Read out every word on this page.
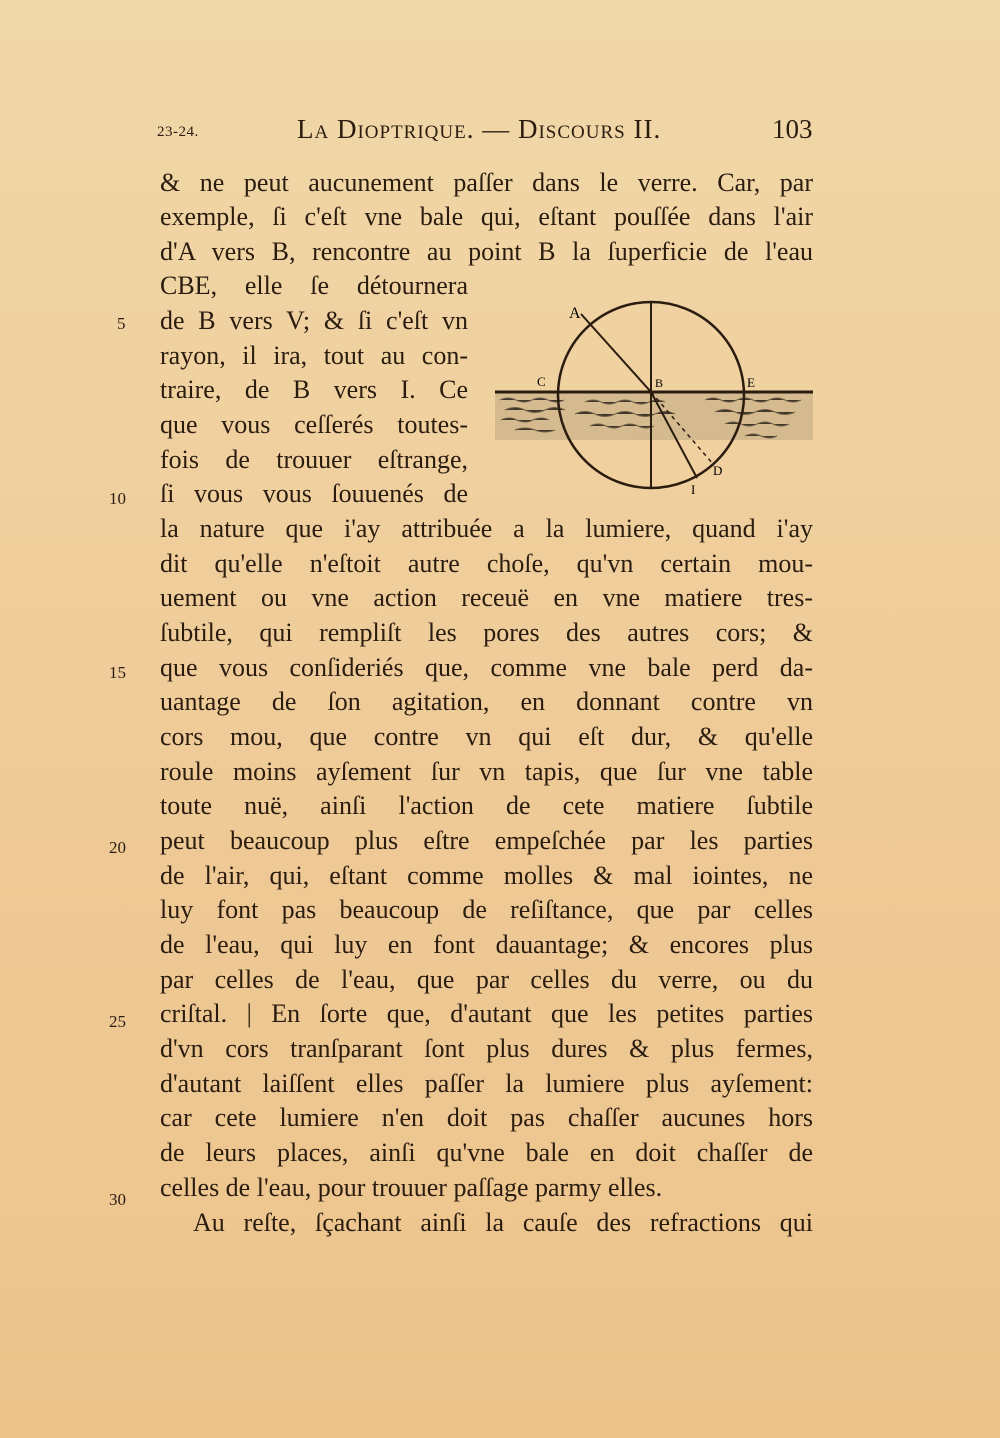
23-24.	La Dioptrique. — Discours II.	103
& ne peut aucunement paſſer dans le verre. Car, par
exemple, ſi c'eſt vne bale qui, eſtant pouſſée dans l'air
d'A vers B, rencontre au point B la ſuperficie de l'eau
CBE, elle ſe détournera
de B vers V; & ſi c'eſt vn
rayon, il ira, tout au con-
traire, de B vers I. Ce
que vous ceſſerés toutes-
fois de trouuer eſtrange,
ſi vous vous ſouuenés de
la nature que i'ay attribuée a la lumiere, quand i'ay
dit qu'elle n'eſtoit autre choſe, qu'vn certain mou-
uement ou vne action receuë en vne matiere tres-
ſubtile, qui rempliſt les pores des autres cors; &
que vous conſideriés que, comme vne bale perd da-
uantage de ſon agitation, en donnant contre vn
cors mou, que contre vn qui eſt dur, & qu'elle
roule moins ayſement ſur vn tapis, que ſur vne table
toute nuë, ainſi l'action de cete matiere ſubtile
peut beaucoup plus eſtre empeſchée par les parties
de l'air, qui, eſtant comme molles & mal iointes, ne
luy font pas beaucoup de reſiſtance, que par celles
de l'eau, qui luy en font dauantage; & encores plus
par celles de l'eau, que par celles du verre, ou du
criſtal. | En ſorte que, d'autant que les petites parties
d'vn cors tranſparant ſont plus dures & plus fermes,
d'autant laiſſent elles paſſer la lumiere plus ayſement:
car cete lumiere n'en doit pas chaſſer aucunes hors
de leurs places, ainſi qu'vne bale en doit chaſſer de
celles de l'eau, pour trouuer paſſage parmy elles.
Au reſte, ſçachant ainſi la cauſe des refractions qui
5
10
15
20
25
30
A
B
C	E
D
I
